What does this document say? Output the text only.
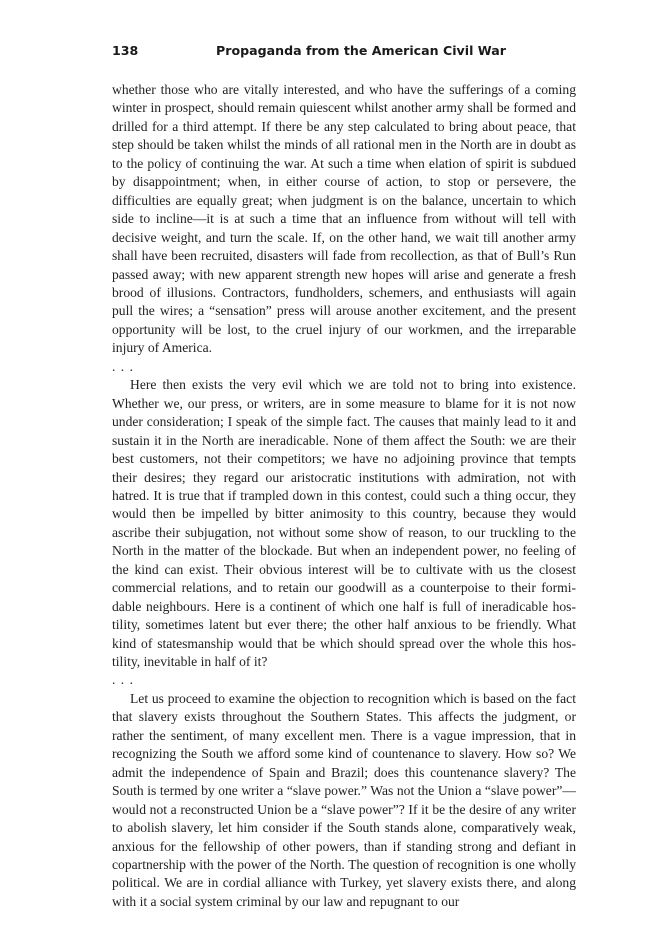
138	Propaganda from the American Civil War

whether those who are vitally interested, and who have the sufferings of a coming winter in prospect, should remain quiescent whilst another army shall be formed and drilled for a third attempt. If there be any step calculated to bring about peace, that step should be taken whilst the minds of all rational men in the North are in doubt as to the policy of continuing the war. At such a time when elation of spirit is subdued by disappointment; when, in either course of action, to stop or persevere, the difficulties are equally great; when judgment is on the balance, uncertain to which side to incline—it is at such a time that an influence from without will tell with decisive weight, and turn the scale. If, on the other hand, we wait till another army shall have been recruited, disasters will fade from recollection, as that of Bull’s Run passed away; with new apparent strength new hopes will arise and generate a fresh brood of illusions. Contractors, fundholders, schemers, and enthusiasts will again pull the wires; a “sensation” press will arouse another excitement, and the present opportunity will be lost, to the cruel injury of our workmen, and the irreparable injury of America.

. . .

Here then exists the very evil which we are told not to bring into existence. Whether we, our press, or writers, are in some measure to blame for it is not now under consideration; I speak of the simple fact. The causes that mainly lead to it and sustain it in the North are ineradicable. None of them affect the South: we are their best customers, not their competitors; we have no adjoining province that tempts their desires; they regard our aristocratic institutions with admiration, not with hatred. It is true that if trampled down in this contest, could such a thing occur, they would then be impelled by bitter animosity to this country, because they would ascribe their subjugation, not without some show of reason, to our truckling to the North in the matter of the blockade. But when an independent power, no feeling of the kind can exist. Their obvious interest will be to cultivate with us the closest commercial relations, and to retain our goodwill as a counterpoise to their formidable neighbours. Here is a continent of which one half is full of ineradicable hostility, sometimes latent but ever there; the other half anxious to be friendly. What kind of statesmanship would that be which should spread over the whole this hostility, inevitable in half of it?

. . .

Let us proceed to examine the objection to recognition which is based on the fact that slavery exists throughout the Southern States. This affects the judgment, or rather the sentiment, of many excellent men. There is a vague impression, that in recognizing the South we afford some kind of countenance to slavery. How so? We admit the independence of Spain and Brazil; does this countenance slavery? The South is termed by one writer a “slave power.” Was not the Union a “slave power”—would not a reconstructed Union be a “slave power”? If it be the desire of any writer to abolish slavery, let him consider if the South stands alone, comparatively weak, anxious for the fellowship of other powers, than if standing strong and defiant in copartnership with the power of the North. The question of recognition is one wholly political. We are in cordial alliance with Turkey, yet slavery exists there, and along with it a social system criminal by our law and repugnant to our
